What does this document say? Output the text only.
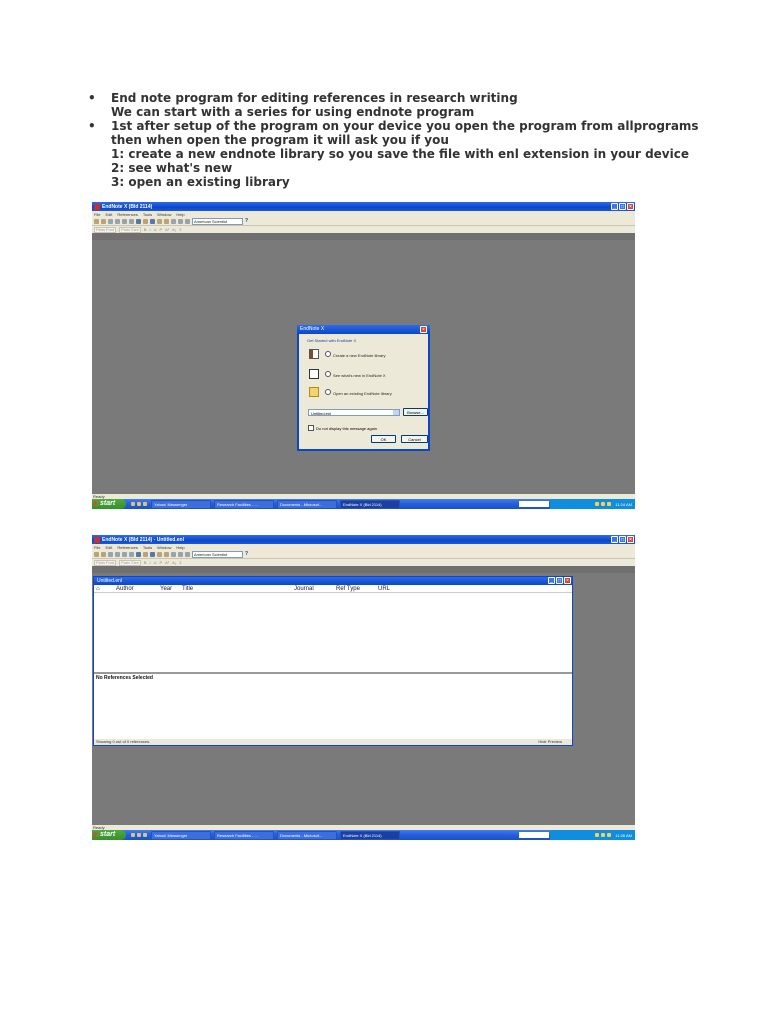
• End note program for editing references in research writing
We can start with a series for using endnote program
• 1st after setup of the program on your device you open the program from allprograms
then when open the program it will ask you if you
1: create a new endnote library so you save the file with enl extension in your device
2: see what's new
3: open an existing library
EndNote X (Bld 2114)	_	□	×
File Edit References Tools Window Help
American Scientist	?
Plain Font	Plain Size	B I U P A¹ A₁ Σ
EndNote X	×
Get Started with EndNote X
Create a new EndNote library
See what's new in EndNote X
Open an existing EndNote library
Untitled.enl	Browse...
Do not display this message again
OK	Cancel
Ready
start	Yahoo! Messenger	Research Facilities - ...	Documents - Microsof...	EndNote X (Bld 2114)	11:24 AM
EndNote X (Bld 2114) - Untitled.enl	_	□	×
File Edit References Tools Window Help
American Scientist	?
Plain Font	Plain Size	B I U P A¹ A₁ Σ
Untitled.enl	_	□	×
⌂	Author	Year	Title	Journal	Ref Type	URL
No References Selected
Showing 0 out of 0 references.	Hide Preview
Ready
start	Yahoo! Messenger	Research Facilities - ...	Documents - Microsof...	EndNote X (Bld 2114)	11:26 AM
